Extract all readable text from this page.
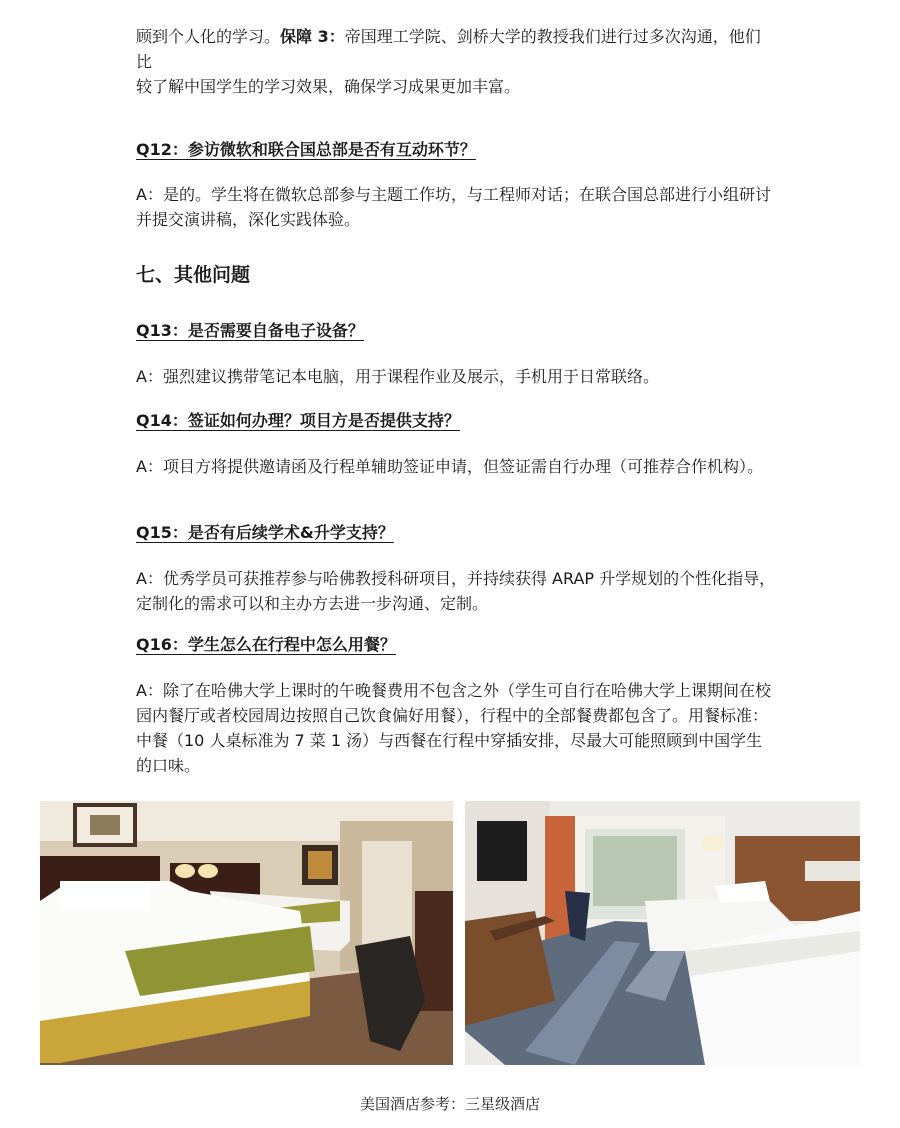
顾到个人化的学习。保障 3：帝国理工学院、剑桥大学的教授我们进行过多次沟通，他们比
较了解中国学生的学习效果，确保学习成果更加丰富。
Q12：参访微软和联合国总部是否有互动环节？

A：是的。学生将在微软总部参与主题工作坊，与工程师对话；在联合国总部进行小组研讨并提交演讲稿，深化实践体验。

七、其他问题
Q13：是否需要自备电子设备？

A：强烈建议携带笔记本电脑，用于课程作业及展示，手机用于日常联络。

Q14：签证如何办理？项目方是否提供支持？

A：项目方将提供邀请函及行程单辅助签证申请，但签证需自行办理（可推荐合作机构）。

Q15：是否有后续学术&升学支持？

A：优秀学员可获推荐参与哈佛教授科研项目，并持续获得 ARAP 升学规划的个性化指导，定制化的需求可以和主办方去进一步沟通、定制。

Q16：学生怎么在行程中怎么用餐？

A：除了在哈佛大学上课时的午晚餐费用不包含之外（学生可自行在哈佛大学上课期间在校园内餐厅或者校园周边按照自己饮食偏好用餐），行程中的全部餐费都包含了。用餐标准：中餐（10 人桌标准为 7 菜 1 汤）与西餐在行程中穿插安排，尽最大可能照顾到中国学生的口味。

美国酒店参考：三星级酒店
